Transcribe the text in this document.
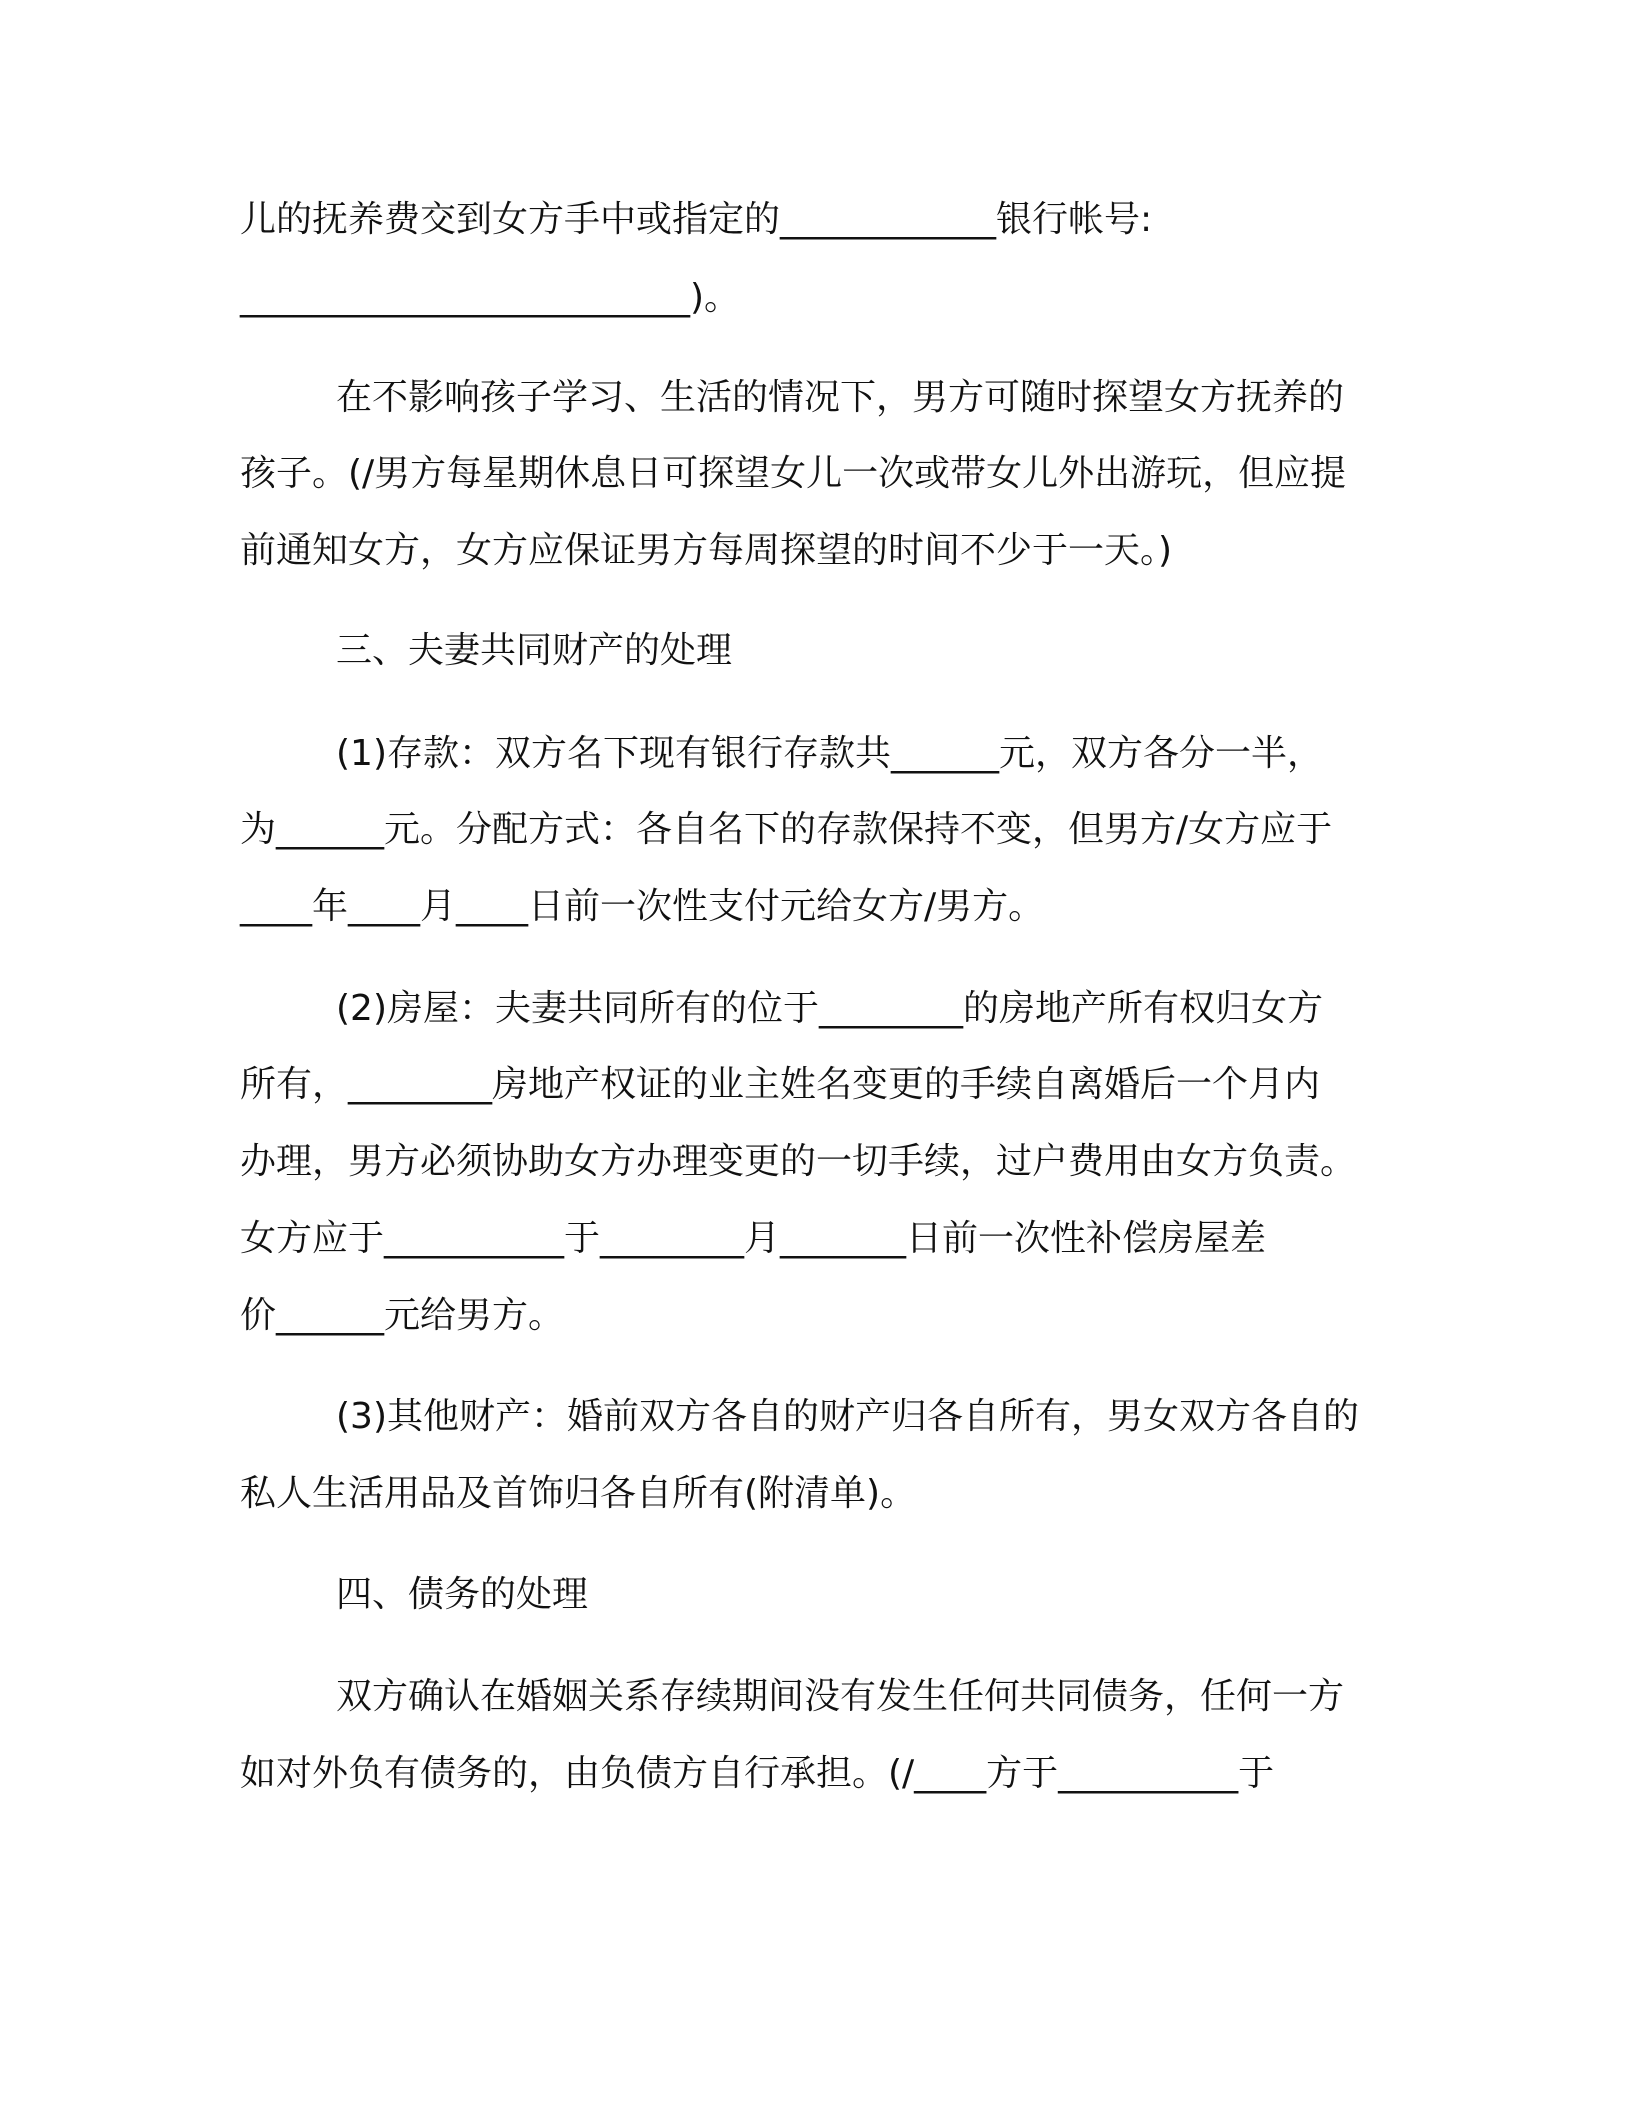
儿的抚养费交到女方手中或指定的____________银行帐号:
_________________________)。
在不影响孩子学习、生活的情况下，男方可随时探望女方抚养的
孩子。(/男方每星期休息日可探望女儿一次或带女儿外出游玩，但应提
前通知女方，女方应保证男方每周探望的时间不少于一天。)
三、夫妻共同财产的处理
(1)存款：双方名下现有银行存款共______元，双方各分一半，
为______元。分配方式：各自名下的存款保持不变，但男方/女方应于
____年____月____日前一次性支付元给女方/男方。
(2)房屋：夫妻共同所有的位于________的房地产所有权归女方
所有，________房地产权证的业主姓名变更的手续自离婚后一个月内
办理，男方必须协助女方办理变更的一切手续，过户费用由女方负责。
女方应于__________于________月_______日前一次性补偿房屋差
价______元给男方。
(3)其他财产：婚前双方各自的财产归各自所有，男女双方各自的
私人生活用品及首饰归各自所有(附清单)。
四、债务的处理
双方确认在婚姻关系存续期间没有发生任何共同债务，任何一方
如对外负有债务的，由负债方自行承担。(/____方于__________于
